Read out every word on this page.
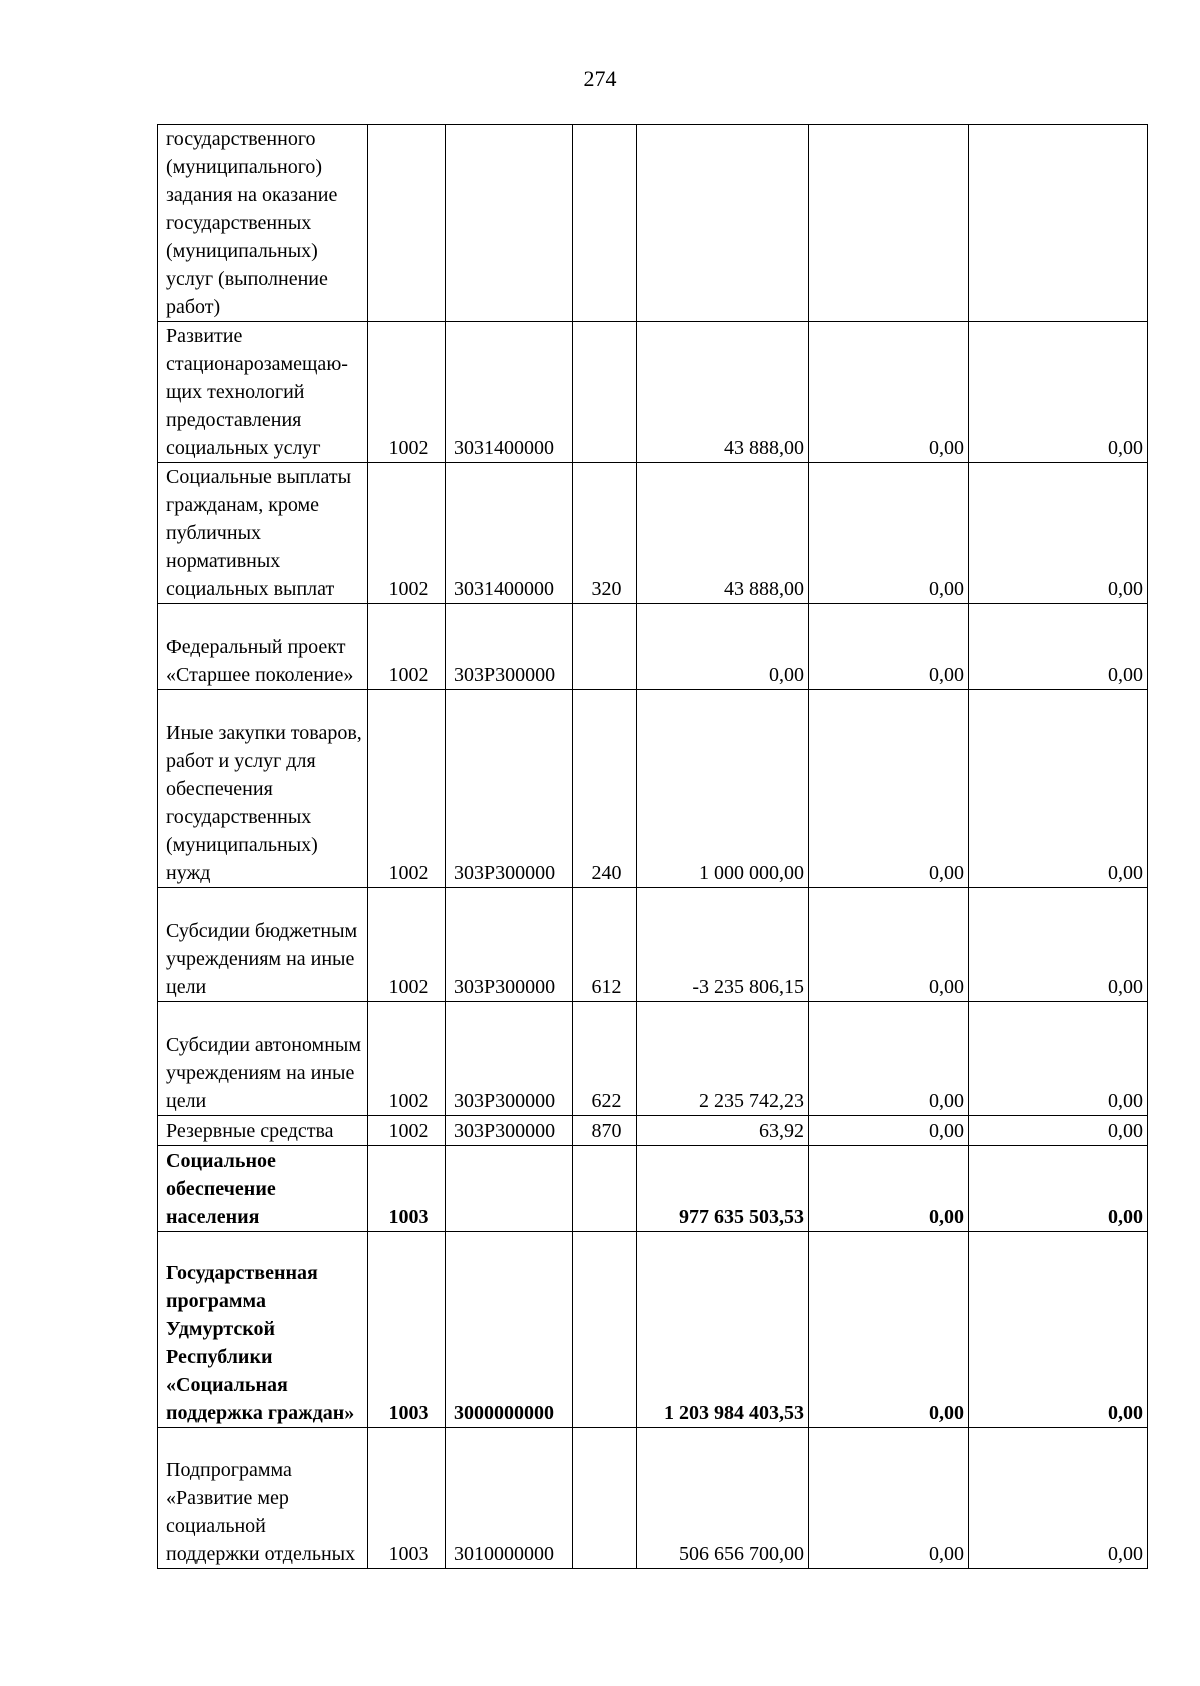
274
государственного (муниципального) задания на оказание государственных (муниципальных) услуг (выполнение работ)						
Развитие стационарозамещаю-щих технологий предоставления социальных услуг	1002	3031400000		43 888,00	0,00	0,00
Социальные выплаты гражданам, кроме публичных нормативных социальных выплат	1002	3031400000	320	43 888,00	0,00	0,00
Федеральный проект «Старшее поколение»	1002	303P300000		0,00	0,00	0,00
Иные закупки товаров, работ и услуг для обеспечения государственных (муниципальных) нужд	1002	303P300000	240	1 000 000,00	0,00	0,00
Субсидии бюджетным учреждениям на иные цели	1002	303P300000	612	-3 235 806,15	0,00	0,00
Субсидии автономным учреждениям на иные цели	1002	303P300000	622	2 235 742,23	0,00	0,00
Резервные средства	1002	303P300000	870	63,92	0,00	0,00
Социальное обеспечение населения	1003			977 635 503,53	0,00	0,00
Государственная программа Удмуртской Республики «Социальная поддержка граждан»	1003	3000000000		1 203 984 403,53	0,00	0,00
Подпрограмма «Развитие мер социальной поддержки отдельных	1003	3010000000		506 656 700,00	0,00	0,00
